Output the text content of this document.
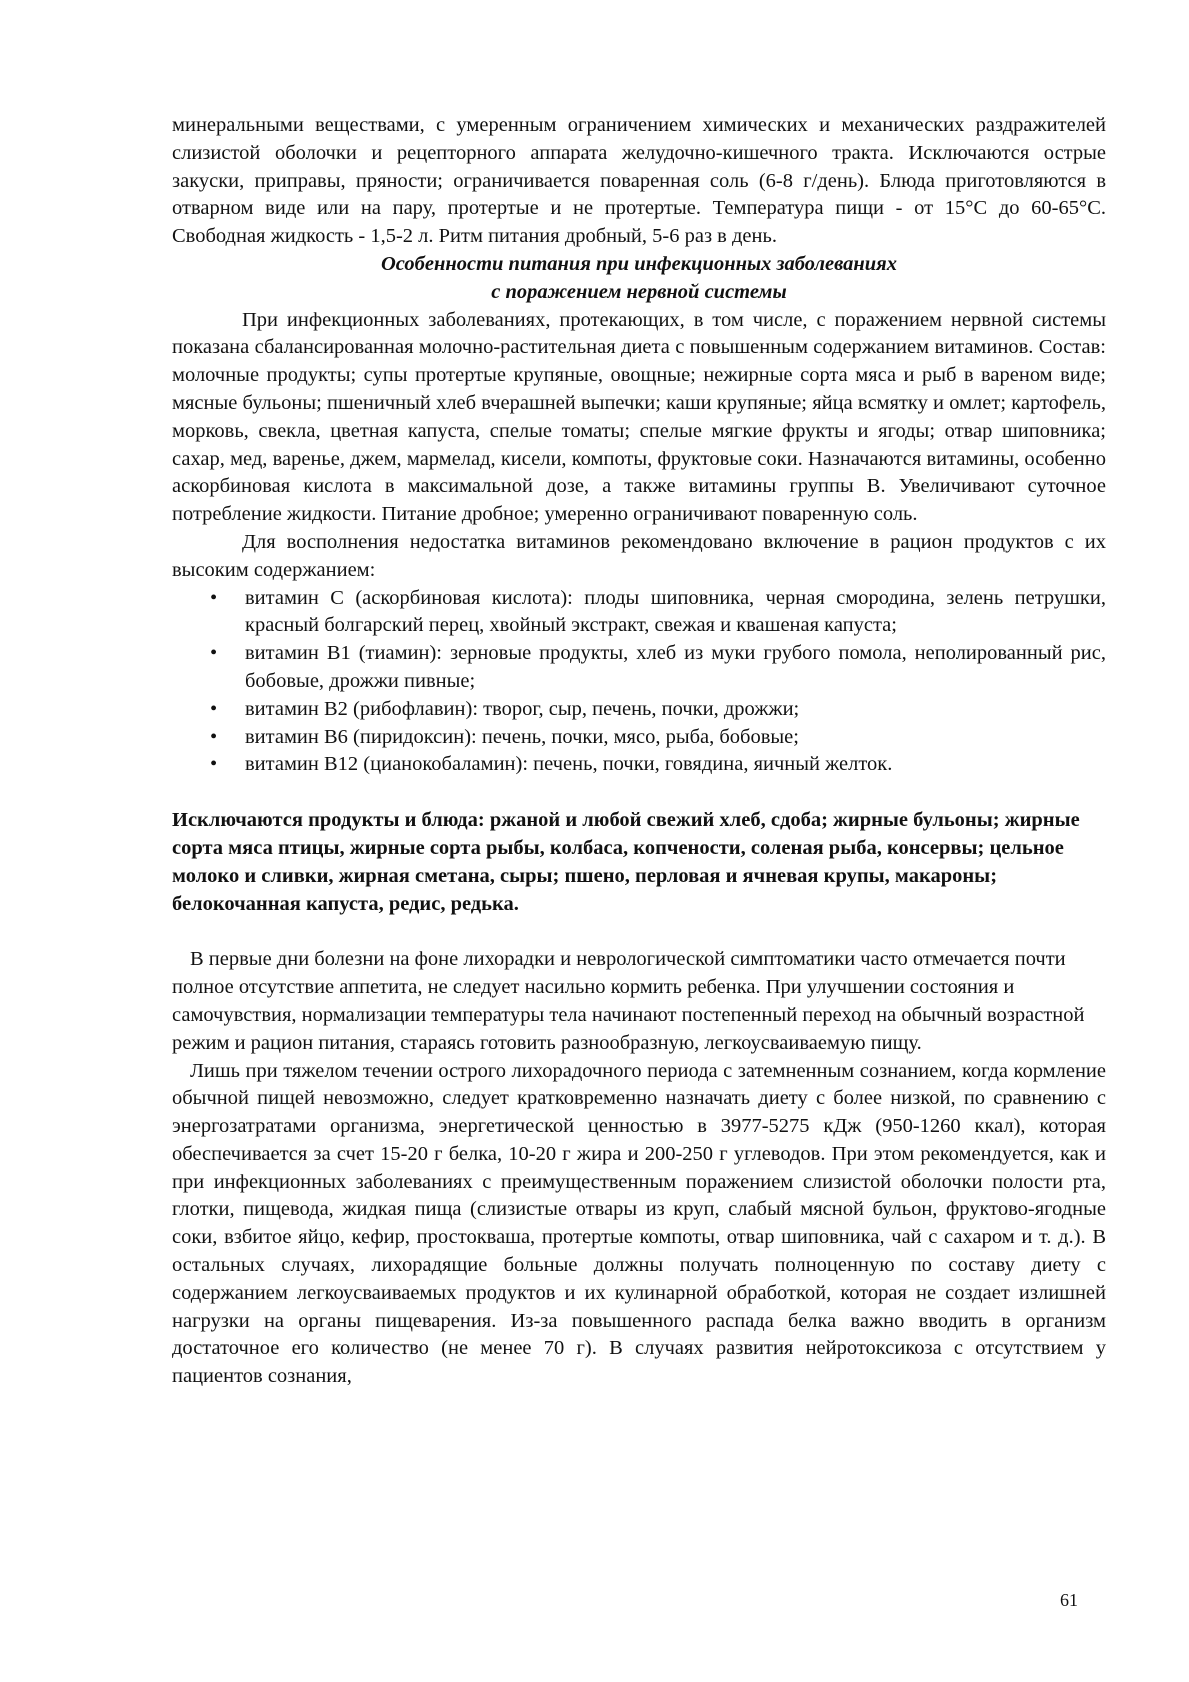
минеральными веществами, с умеренным ограничением химических и механических раздражителей слизистой оболочки и рецепторного аппарата желудочно-кишечного тракта. Исключаются острые закуски, приправы, пряности; ограничивается поваренная соль (6-8 г/день). Блюда приготовляются в отварном виде или на пару, протертые и не протертые. Температура пищи - от 15°С до 60-65°С. Свободная жидкость - 1,5-2 л. Ритм питания дробный, 5-6 раз в день.

Особенности питания при инфекционных заболеваниях

с поражением нервной системы

При инфекционных заболеваниях, протекающих, в том числе, с поражением нервной системы показана сбалансированная молочно-растительная диета с повышенным содержанием витаминов. Состав: молочные продукты; супы протертые крупяные, овощные; нежирные сорта мяса и рыб в вареном виде; мясные бульоны; пшеничный хлеб вчерашней выпечки; каши крупяные; яйца всмятку и омлет; картофель, морковь, свекла, цветная капуста, спелые томаты; спелые мягкие фрукты и ягоды; отвар шиповника; сахар, мед, варенье, джем, мармелад, кисели, компоты, фруктовые соки. Назначаются витамины, особенно аскорбиновая кислота в максимальной дозе, а также витамины группы В. Увеличивают суточное потребление жидкости. Питание дробное; умеренно ограничивают поваренную соль.

Для восполнения недостатка витаминов рекомендовано включение в рацион продуктов с их высоким содержанием:

• витамин С (аскорбиновая кислота): плоды шиповника, черная смородина, зелень петрушки, красный болгарский перец, хвойный экстракт, свежая и квашеная капуста;
• витамин В1 (тиамин): зерновые продукты, хлеб из муки грубого помола, неполированный рис, бобовые, дрожжи пивные;
• витамин В2 (рибофлавин): творог, сыр, печень, почки, дрожжи;
• витамин В6 (пиридоксин): печень, почки, мясо, рыба, бобовые;
• витамин В12 (цианокобаламин): печень, почки, говядина, яичный желток.

Исключаются продукты и блюда: ржаной и любой свежий хлеб, сдоба; жирные бульоны; жирные сорта мяса птицы, жирные сорта рыбы, колбаса, копчености, соленая рыба, консервы; цельное молоко и сливки, жирная сметана, сыры; пшено, перловая и ячневая крупы, макароны; белокочанная капуста, редис, редька.

В первые дни болезни на фоне лихорадки и неврологической симптоматики часто отмечается почти полное отсутствие аппетита, не следует насильно кормить ребенка. При улучшении состояния и самочувствия, нормализации температуры тела начинают постепенный переход на обычный возрастной режим и рацион питания, стараясь готовить разнообразную, легкоусваиваемую пищу.

Лишь при тяжелом течении острого лихорадочного периода с затемненным сознанием, когда кормление обычной пищей невозможно, следует кратковременно назначать диету с более низкой, по сравнению с энергозатратами организма, энергетической ценностью в 3977-5275 кДж (950-1260 ккал), которая обеспечивается за счет 15-20 г белка, 10-20 г жира и 200-250 г углеводов. При этом рекомендуется, как и при инфекционных заболеваниях с преимущественным поражением слизистой оболочки полости рта, глотки, пищевода, жидкая пища (слизистые отвары из круп, слабый мясной бульон, фруктово-ягодные соки, взбитое яйцо, кефир, простокваша, протертые компоты, отвар шиповника, чай с сахаром и т. д.). В остальных случаях, лихорадящие больные должны получать полноценную по составу диету с содержанием легкоусваиваемых продуктов и их кулинарной обработкой, которая не создает излишней нагрузки на органы пищеварения. Из-за повышенного распада белка важно вводить в организм достаточное его количество (не менее 70 г). В случаях развития нейротоксикоза с отсутствием у пациентов сознания,

61
